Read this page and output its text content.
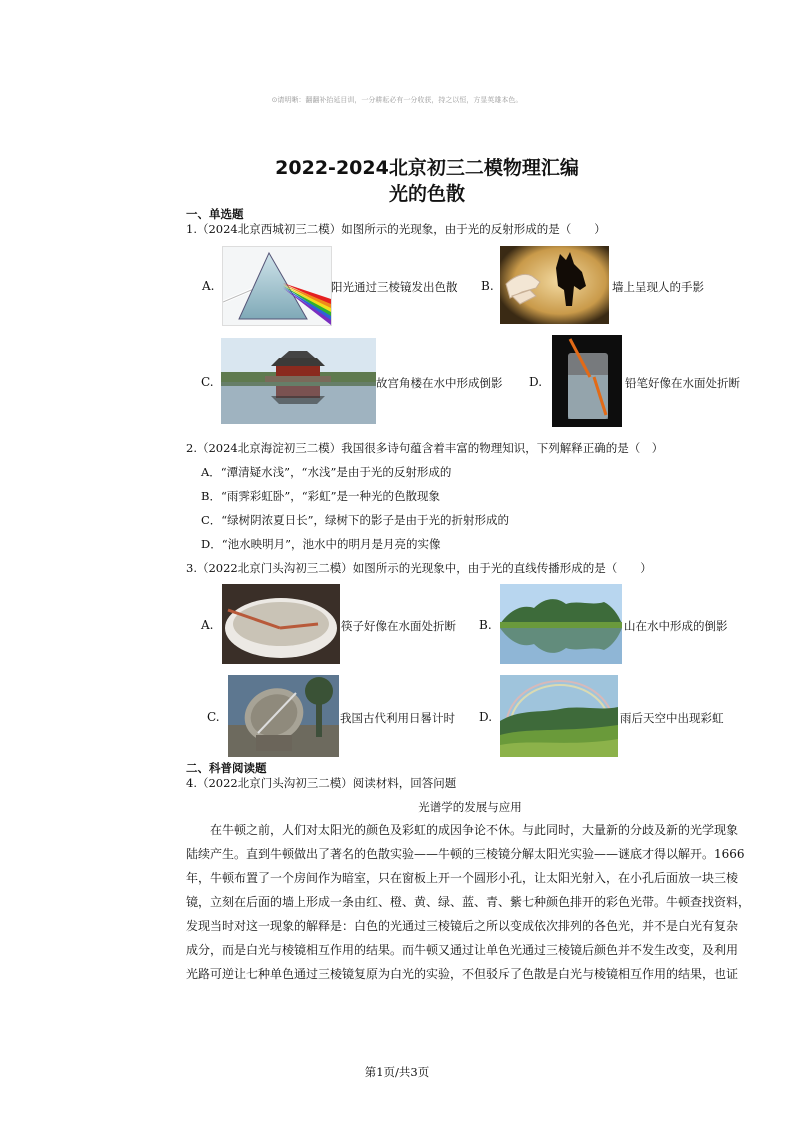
⊙请明晰：翻翻补抬延目训，一分耕耘必有一分收获，持之以恒，方显英雄本色。
2022-2024北京初三二模物理汇编
光的色散
一、单选题
1.（2024北京西城初三二模）如图所示的光现象，由于光的反射形成的是（　　）
A.	阳光通过三棱镜发出色散 B.	墙上呈现人的手影
C.	故宫角楼在水中形成倒影 D.	铅笔好像在水面处折断
2.（2024北京海淀初三二模）我国很多诗句蕴含着丰富的物理知识，下列解释正确的是（　）
A．“潭清疑水浅”，“水浅”是由于光的反射形成的
B．“雨霁彩虹卧”，“彩虹”是一种光的色散现象
C．“绿树阴浓夏日长”，绿树下的影子是由于光的折射形成的
D．“池水映明月”，池水中的明月是月亮的实像
3.（2022北京门头沟初三二模）如图所示的光现象中，由于光的直线传播形成的是（　　）
A.	筷子好像在水面处折断 B.	山在水中形成的倒影
C.	我国古代利用日晷计时 D.	雨后天空中出现彩虹
二、科普阅读题
4.（2022北京门头沟初三二模）阅读材料，回答问题
光谱学的发展与应用
在牛顿之前，人们对太阳光的颜色及彩虹的成因争论不休。与此同时，大量新的分歧及新的光学现象
陆续产生。直到牛顿做出了著名的色散实验——牛顿的三棱镜分解太阳光实验——谜底才得以解开。1666
年，牛顿布置了一个房间作为暗室，只在窗板上开一个圆形小孔，让太阳光射入，在小孔后面放一块三棱
镜，立刻在后面的墙上形成一条由红、橙、黄、绿、蓝、青、紫七种颜色排开的彩色光带。牛顿查找资料，
发现当时对这一现象的解释是：白色的光通过三棱镜后之所以变成依次排列的各色光，并不是白光有复杂
成分，而是白光与棱镜相互作用的结果。而牛顿又通过让单色光通过三棱镜后颜色并不发生改变，及利用
光路可逆让七种单色通过三棱镜复原为白光的实验，不但驳斥了色散是白光与棱镜相互作用的结果，也证
第1页/共3页
